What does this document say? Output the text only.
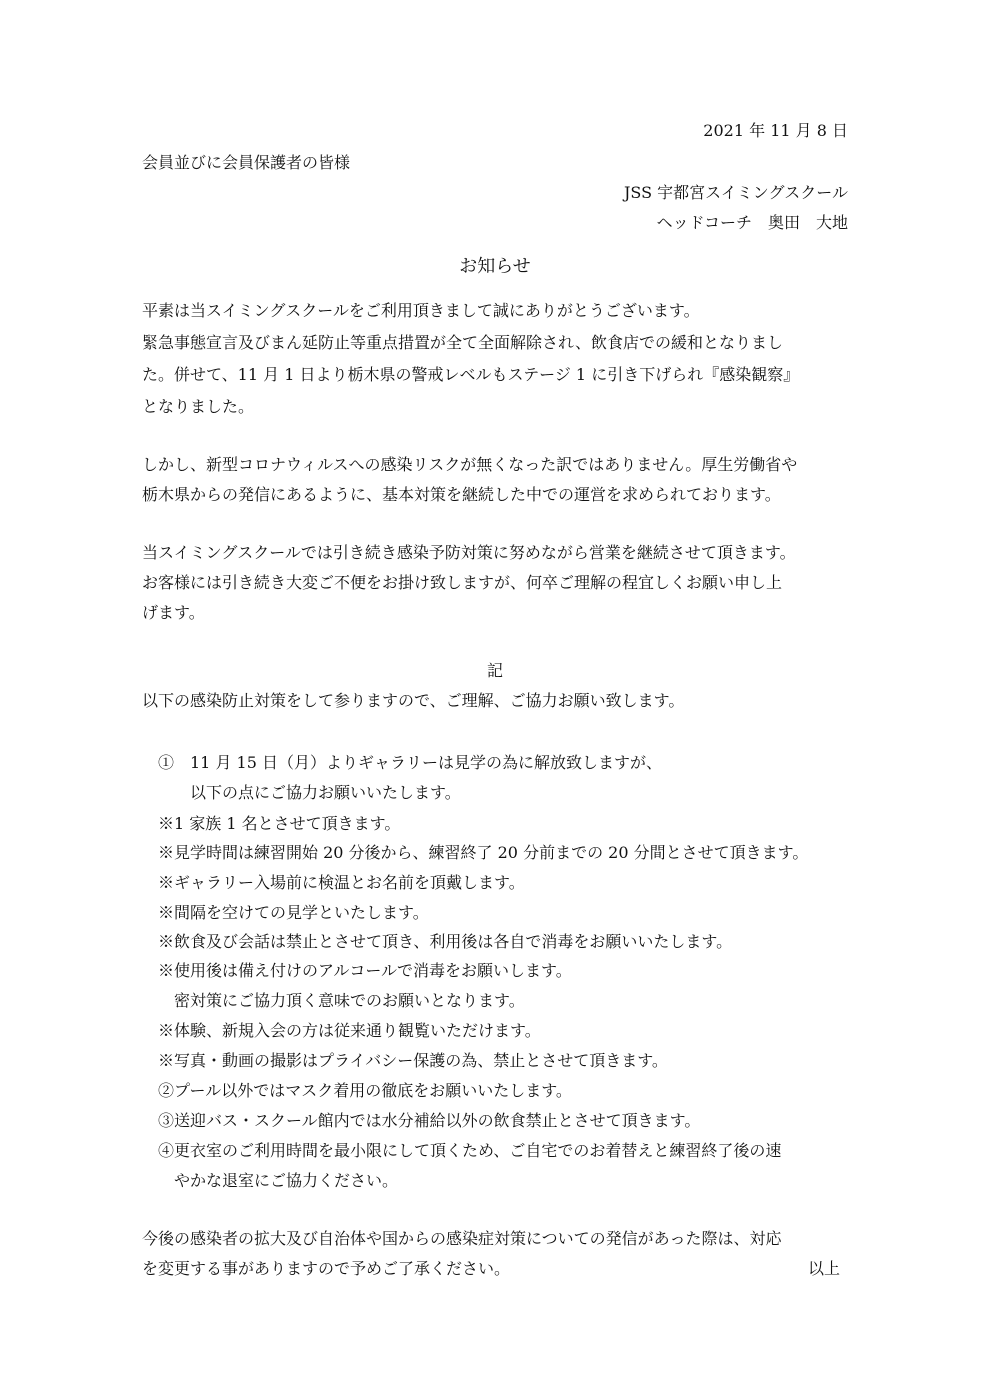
2021 年 11 月 8 日
会員並びに会員保護者の皆様
JSS 宇都宮スイミングスクール
ヘッドコーチ　奥田　大地
お知らせ
平素は当スイミングスクールをご利用頂きまして誠にありがとうございます。
緊急事態宣言及びまん延防止等重点措置が全て全面解除され、飲食店での緩和となりまし
た。併せて、11 月 1 日より栃木県の警戒レベルもステージ 1 に引き下げられ『感染観察』
となりました。
しかし、新型コロナウィルスへの感染リスクが無くなった訳ではありません。厚生労働省や
栃木県からの発信にあるように、基本対策を継続した中での運営を求められております。
当スイミングスクールでは引き続き感染予防対策に努めながら営業を継続させて頂きます。
お客様には引き続き大変ご不便をお掛け致しますが、何卒ご理解の程宜しくお願い申し上
げます。
記
以下の感染防止対策をして参りますので、ご理解、ご協力お願い致します。
①　11 月 15 日（月）よりギャラリーは見学の為に解放致しますが、
以下の点にご協力お願いいたします。
※1 家族 1 名とさせて頂きます。
※見学時間は練習開始 20 分後から、練習終了 20 分前までの 20 分間とさせて頂きます。
※ギャラリー入場前に検温とお名前を頂戴します。
※間隔を空けての見学といたします。
※飲食及び会話は禁止とさせて頂き、利用後は各自で消毒をお願いいたします。
※使用後は備え付けのアルコールで消毒をお願いします。
密対策にご協力頂く意味でのお願いとなります。
※体験、新規入会の方は従来通り観覧いただけます。
※写真・動画の撮影はプライバシー保護の為、禁止とさせて頂きます。
②プール以外ではマスク着用の徹底をお願いいたします。
③送迎バス・スクール館内では水分補給以外の飲食禁止とさせて頂きます。
④更衣室のご利用時間を最小限にして頂くため、ご自宅でのお着替えと練習終了後の速
やかな退室にご協力ください。
今後の感染者の拡大及び自治体や国からの感染症対策についての発信があった際は、対応
を変更する事がありますので予めご了承ください。	以上
